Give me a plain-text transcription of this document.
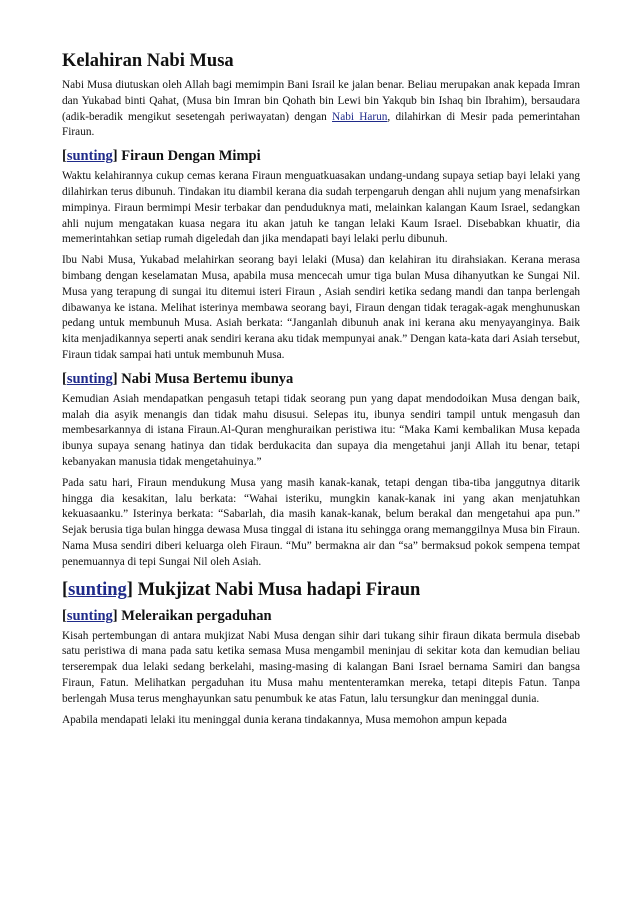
Kelahiran Nabi Musa

Nabi Musa diutuskan oleh Allah bagi memimpin Bani Israil ke jalan benar. Beliau merupakan anak kepada Imran dan Yukabad binti Qahat, (Musa bin Imran bin Qohath bin Lewi bin Yakqub bin Ishaq bin Ibrahim), bersaudara (adik-beradik mengikut sesetengah periwayatan) dengan Nabi Harun, dilahirkan di Mesir pada pemerintahan Firaun.

[sunting] Firaun Dengan Mimpi

Waktu kelahirannya cukup cemas kerana Firaun menguatkuasakan undang-undang supaya setiap bayi lelaki yang dilahirkan terus dibunuh. Tindakan itu diambil kerana dia sudah terpengaruh dengan ahli nujum yang menafsirkan mimpinya. Firaun bermimpi Mesir terbakar dan penduduknya mati, melainkan kalangan Kaum Israel, sedangkan ahli nujum mengatakan kuasa negara itu akan jatuh ke tangan lelaki Kaum Israel. Disebabkan khuatir, dia memerintahkan setiap rumah digeledah dan jika mendapati bayi lelaki perlu dibunuh.

Ibu Nabi Musa, Yukabad melahirkan seorang bayi lelaki (Musa) dan kelahiran itu dirahsiakan. Kerana merasa bimbang dengan keselamatan Musa, apabila musa mencecah umur tiga bulan Musa dihanyutkan ke Sungai Nil. Musa yang terapung di sungai itu ditemui isteri Firaun , Asiah sendiri ketika sedang mandi dan tanpa berlengah dibawanya ke istana. Melihat isterinya membawa seorang bayi, Firaun dengan tidak teragak-agak menghunuskan pedang untuk membunuh Musa. Asiah berkata: “Janganlah dibunuh anak ini kerana aku menyayanginya. Baik kita menjadikannya seperti anak sendiri kerana aku tidak mempunyai anak.” Dengan kata-kata dari Asiah tersebut, Firaun tidak sampai hati untuk membunuh Musa.

[sunting] Nabi Musa Bertemu ibunya

Kemudian Asiah mendapatkan pengasuh tetapi tidak seorang pun yang dapat mendodoikan Musa dengan baik, malah dia asyik menangis dan tidak mahu disusui. Selepas itu, ibunya sendiri tampil untuk mengasuh dan membesarkannya di istana Firaun.Al-Quran menghuraikan peristiwa itu: “Maka Kami kembalikan Musa kepada ibunya supaya senang hatinya dan tidak berdukacita dan supaya dia mengetahui janji Allah itu benar, tetapi kebanyakan manusia tidak mengetahuinya.”

Pada satu hari, Firaun mendukung Musa yang masih kanak-kanak, tetapi dengan tiba-tiba janggutnya ditarik hingga dia kesakitan, lalu berkata: “Wahai isteriku, mungkin kanak-kanak ini yang akan menjatuhkan kekuasaanku.” Isterinya berkata: “Sabarlah, dia masih kanak-kanak, belum berakal dan mengetahui apa pun.” Sejak berusia tiga bulan hingga dewasa Musa tinggal di istana itu sehingga orang memanggilnya Musa bin Firaun. Nama Musa sendiri diberi keluarga oleh Firaun. “Mu” bermakna air dan “sa” bermaksud pokok sempena tempat penemuannya di tepi Sungai Nil oleh Asiah.

[sunting] Mukjizat Nabi Musa hadapi Firaun
[sunting] Meleraikan pergaduhan

Kisah pertembungan di antara mukjizat Nabi Musa dengan sihir dari tukang sihir firaun dikata bermula disebab satu peristiwa di mana pada satu ketika semasa Musa mengambil meninjau di sekitar kota dan kemudian beliau terserempak dua lelaki sedang berkelahi, masing-masing di kalangan Bani Israel bernama Samiri dan bangsa Firaun, Fatun. Melihatkan pergaduhan itu Musa mahu mententeramkan mereka, tetapi ditepis Fatun. Tanpa berlengah Musa terus menghayunkan satu penumbuk ke atas Fatun, lalu tersungkur dan meninggal dunia.

Apabila mendapati lelaki itu meninggal dunia kerana tindakannya, Musa memohon ampun kepada
